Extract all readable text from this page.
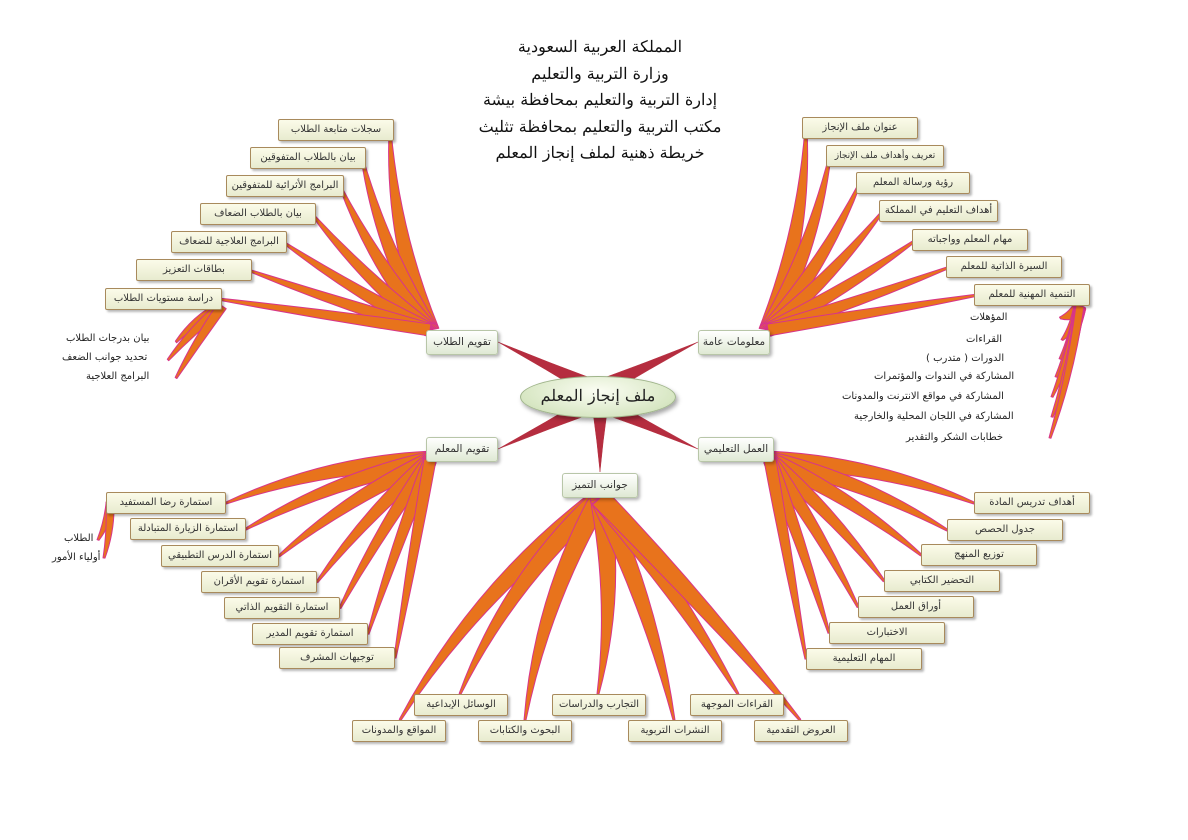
المملكة العربية السعودية
وزارة التربية والتعليم
إدارة التربية والتعليم بمحافظة بيشة
مكتب التربية والتعليم بمحافظة تثليث
خريطة ذهنية لملف إنجاز المعلم
ملف إنجاز المعلم
معلومات عامة
تقويم الطلاب
تقويم المعلم	العمل التعليمي
جوانب التميز
عنوان ملف الإنجاز
تعريف وأهداف ملف الإنجاز
رؤية ورسالة المعلم
أهداف التعليم في المملكة
مهام المعلم وواجباته
السيرة الذاتية للمعلم
التنمية المهنية للمعلم
المؤهلات
القراءات
الدورات ( متدرب )
المشاركة في الندوات والمؤتمرات
المشاركة في مواقع الانترنت والمدونات
المشاركة في اللجان المحلية والخارجية
خطابات الشكر والتقدير
سجلات متابعة الطلاب
بيان بالطلاب المتفوقين
البرامج الأثرائية للمتفوقين
بيان بالطلاب الضعاف
البرامج العلاجية للضعاف
بطاقات التعزيز
دراسة مستويات الطلاب
بيان بدرجات الطلاب
تحديد جوانب الضعف
البرامج العلاجية
استمارة رضا المستفيد
استمارة الزيارة المتبادلة
استمارة الدرس التطبيقي
استمارة تقويم الأقران
استمارة التقويم الذاتي
استمارة تقويم المدير
توجيهات المشرف
الطلاب
أولياء الأمور
أهداف تدريس المادة
جدول الحصص
توزيع المنهج
التحضير الكتابي
أوراق العمل
الاختبارات
المهام التعليمية
المواقع والمدونات
الوسائل الإبداعية
البحوث والكتابات
التجارب والدراسات
النشرات التربوية
القراءات الموجهة
العروض التقدمية
